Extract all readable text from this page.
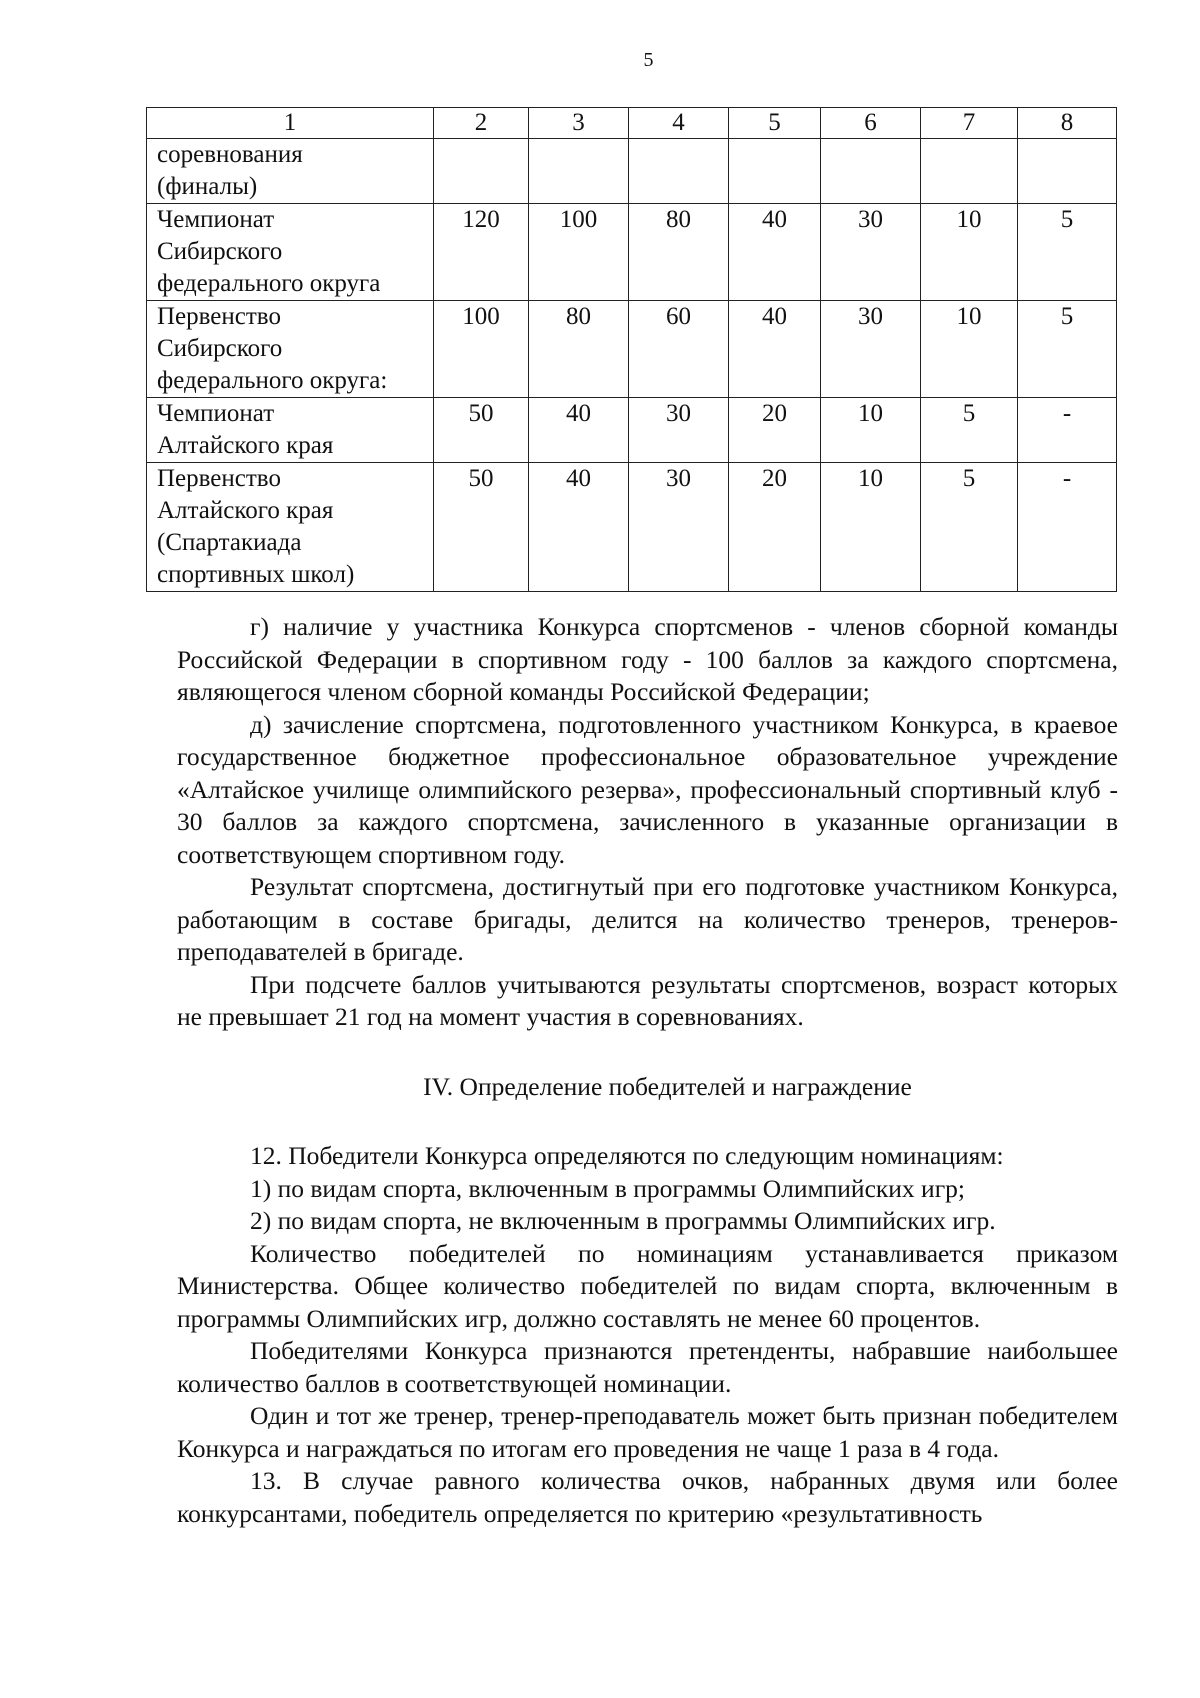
5
1	2	3	4	5	6	7	8

соревнования
(финалы)							

Чемпионат
Сибирского
федерального округа	120	100	80	40	30	10	5

Первенство
Сибирского
федерального округа:	100	80	60	40	30	10	5

Чемпионат
Алтайского края	50	40	30	20	10	5	-

Первенство
Алтайского края
(Спартакиада
спортивных школ)	50	40	30	20	10	5	-

г) наличие у участника Конкурса спортсменов - членов сборной команды Российской Федерации в спортивном году - 100 баллов за каждого спортсмена, являющегося членом сборной команды Российской Федерации;

д) зачисление спортсмена, подготовленного участником Конкурса, в краевое государственное бюджетное профессиональное образовательное учреждение «Алтайское училище олимпийского резерва», профессиональный спортивный клуб - 30 баллов за каждого спортсмена, зачисленного в указанные организации в соответствующем спортивном году.

Результат спортсмена, достигнутый при его подготовке участником Конкурса, работающим в составе бригады, делится на количество тренеров, тренеров-преподавателей в бригаде.

При подсчете баллов учитываются результаты спортсменов, возраст которых не превышает 21 год на момент участия в соревнованиях.

IV. Определение победителей и награждение

12. Победители Конкурса определяются по следующим номинациям:

1) по видам спорта, включенным в программы Олимпийских игр;

2) по видам спорта, не включенным в программы Олимпийских игр.

Количество победителей по номинациям устанавливается приказом Министерства. Общее количество победителей по видам спорта, включенным в программы Олимпийских игр, должно составлять не менее 60 процентов.

Победителями Конкурса признаются претенденты, набравшие наибольшее количество баллов в соответствующей номинации.

Один и тот же тренер, тренер-преподаватель может быть признан победителем Конкурса и награждаться по итогам его проведения не чаще 1 раза в 4 года.

13. В случае равного количества очков, набранных двумя или более конкурсантами, победитель определяется по критерию «результативность
